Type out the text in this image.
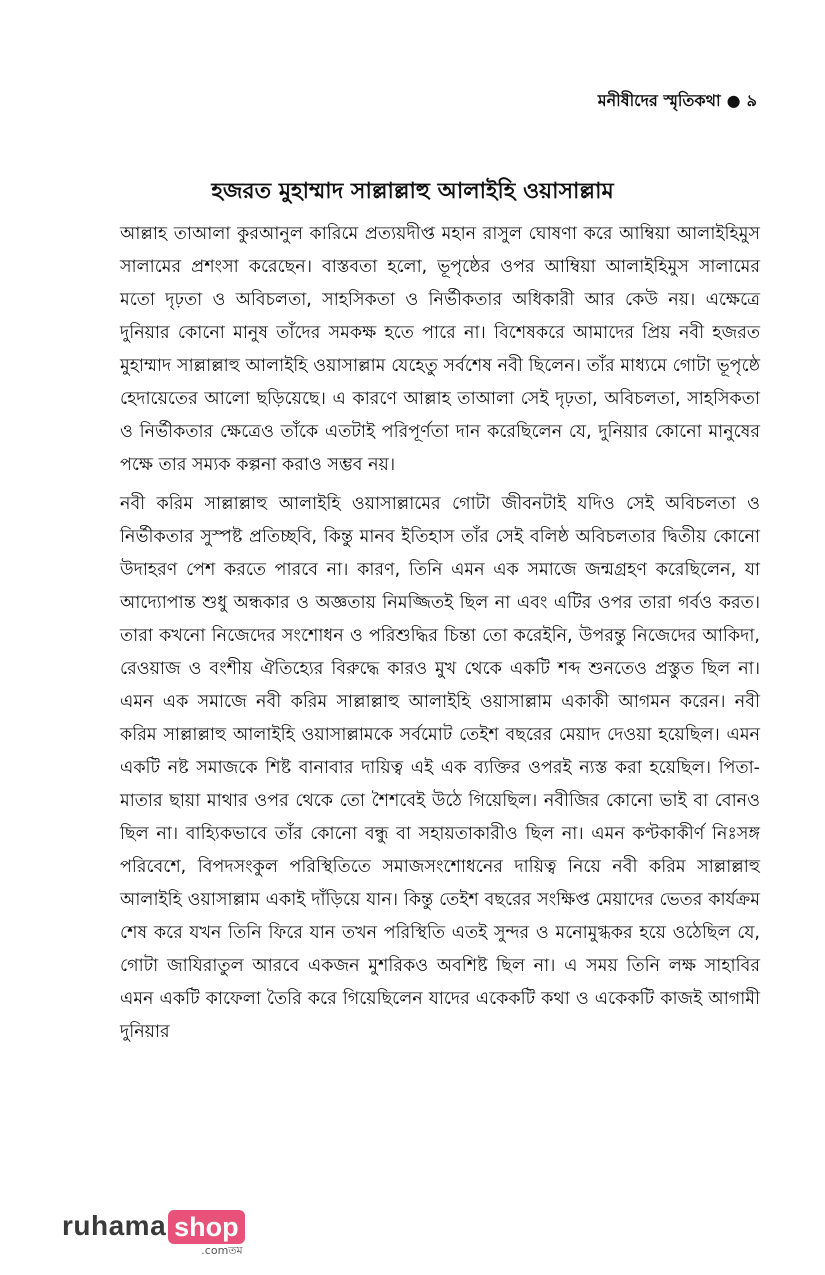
মনীষীদের স্মৃতিকথা ● ৯
হজরত মুহাম্মাদ সাল্লাল্লাহু আলাইহি ওয়াসাল্লাম

আল্লাহ তাআলা কুরআনুল কারিমে প্রত্যয়দীপ্ত মহান রাসুল ঘোষণা করে আম্বিয়া আলাইহিমুস সালামের প্রশংসা করেছেন। বাস্তবতা হলো, ভূপৃষ্ঠের ওপর আম্বিয়া আলাইহিমুস সালামের মতো দৃঢ়তা ও অবিচলতা, সাহসিকতা ও নির্ভীকতার অধিকারী আর কেউ নয়। এক্ষেত্রে দুনিয়ার কোনো মানুষ তাঁদের সমকক্ষ হতে পারে না। বিশেষকরে আমাদের প্রিয় নবী হজরত মুহাম্মাদ সাল্লাল্লাহু আলাইহি ওয়াসাল্লাম যেহেতু সর্বশেষ নবী ছিলেন। তাঁর মাধ্যমে গোটা ভূপৃষ্ঠে হেদায়েতের আলো ছড়িয়েছে। এ কারণে আল্লাহ তাআলা সেই দৃঢ়তা, অবিচলতা, সাহসিকতা ও নির্ভীকতার ক্ষেত্রেও তাঁকে এতটাই পরিপূর্ণতা দান করেছিলেন যে, দুনিয়ার কোনো মানুষের পক্ষে তার সম্যক কল্পনা করাও সম্ভব নয়।

নবী করিম সাল্লাল্লাহু আলাইহি ওয়াসাল্লামের গোটা জীবনটাই যদিও সেই অবিচলতা ও নির্ভীকতার সুস্পষ্ট প্রতিচ্ছবি, কিন্তু মানব ইতিহাস তাঁর সেই বলিষ্ঠ অবিচলতার দ্বিতীয় কোনো উদাহরণ পেশ করতে পারবে না। কারণ, তিনি এমন এক সমাজে জন্মগ্রহণ করেছিলেন, যা আদ্যোপান্ত শুধু অন্ধকার ও অজ্ঞতায় নিমজ্জিতই ছিল না এবং এটির ওপর তারা গর্বও করত। তারা কখনো নিজেদের সংশোধন ও পরিশুদ্ধির চিন্তা তো করেইনি, উপরন্তু নিজেদের আকিদা, রেওয়াজ ও বংশীয় ঐতিহ্যের বিরুদ্ধে কারও মুখ থেকে একটি শব্দ শুনতেও প্রস্তুত ছিল না। এমন এক সমাজে নবী করিম সাল্লাল্লাহু আলাইহি ওয়াসাল্লাম একাকী আগমন করেন। নবী করিম সাল্লাল্লাহু আলাইহি ওয়াসাল্লামকে সর্বমোট তেইশ বছরের মেয়াদ দেওয়া হয়েছিল। এমন একটি নষ্ট সমাজকে শিষ্ট বানাবার দায়িত্ব এই এক ব্যক্তির ওপরই ন্যস্ত করা হয়েছিল। পিতা-মাতার ছায়া মাথার ওপর থেকে তো শৈশবেই উঠে গিয়েছিল। নবীজির কোনো ভাই বা বোনও ছিল না। বাহ্যিকভাবে তাঁর কোনো বন্ধু বা সহায়তাকারীও ছিল না। এমন কণ্টকাকীর্ণ নিঃসঙ্গ পরিবেশে, বিপদসংকুল পরিস্থিতিতে সমাজসংশোধনের দায়িত্ব নিয়ে নবী করিম সাল্লাল্লাহু আলাইহি ওয়াসাল্লাম একাই দাঁড়িয়ে যান। কিন্তু তেইশ বছরের সংক্ষিপ্ত মেয়াদের ভেতর কার্যক্রম শেষ করে যখন তিনি ফিরে যান তখন পরিস্থিতি এতই সুন্দর ও মনোমুগ্ধকর হয়ে ওঠেছিল যে, গোটা জাযিরাতুল আরবে একজন মুশরিকও অবশিষ্ট ছিল না। এ সময় তিনি লক্ষ সাহাবির এমন একটি কাফেলা তৈরি করে গিয়েছিলেন যাদের একেকটি কথা ও একেকটি কাজই আগামী দুনিয়ার

ruhama shop
.comতম
